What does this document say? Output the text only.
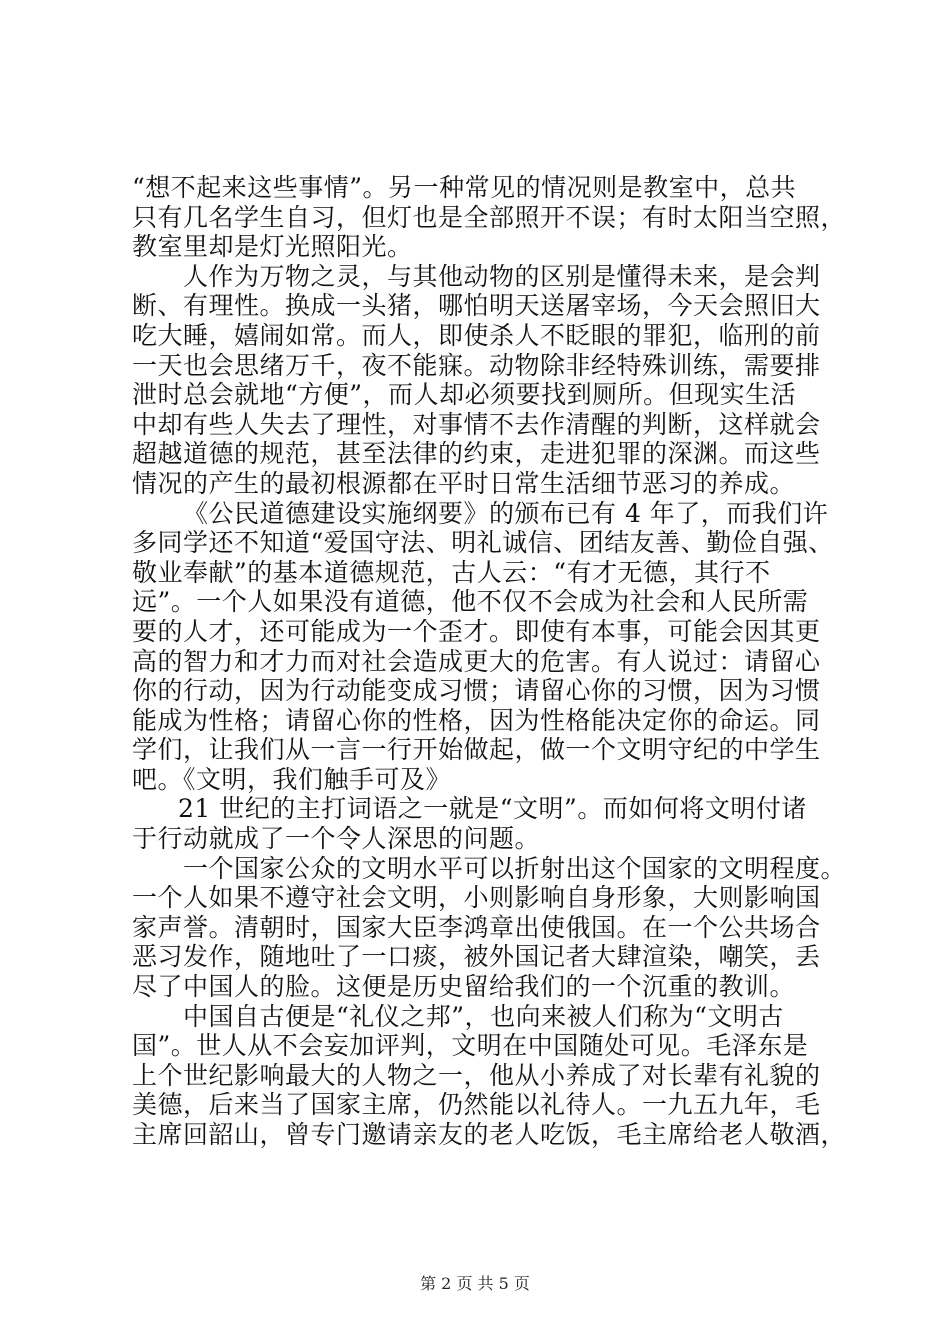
“想不起来这些事情”。另一种常见的情况则是教室中，总共
只有几名学生自习，但灯也是全部照开不误；有时太阳当空照，
教室里却是灯光照阳光。
人作为万物之灵，与其他动物的区别是懂得未来，是会判
断、有理性。换成一头猪，哪怕明天送屠宰场，今天会照旧大
吃大睡，嬉闹如常。而人，即使杀人不眨眼的罪犯，临刑的前
一天也会思绪万千，夜不能寐。动物除非经特殊训练，需要排
泄时总会就地“方便”，而人却必须要找到厕所。但现实生活
中却有些人失去了理性，对事情不去作清醒的判断，这样就会
超越道德的规范，甚至法律的约束，走进犯罪的深渊。而这些
情况的产生的最初根源都在平时日常生活细节恶习的养成。
《公民道德建设实施纲要》的颁布已有 4 年了，而我们许
多同学还不知道“爱国守法、明礼诚信、团结友善、勤俭自强、
敬业奉献”的基本道德规范，古人云：“有才无德，其行不
远”。一个人如果没有道德，他不仅不会成为社会和人民所需
要的人才，还可能成为一个歪才。即使有本事，可能会因其更
高的智力和才力而对社会造成更大的危害。有人说过：请留心
你的行动，因为行动能变成习惯；请留心你的习惯，因为习惯
能成为性格；请留心你的性格，因为性格能决定你的命运。同
学们，让我们从一言一行开始做起，做一个文明守纪的中学生
吧。《文明，我们触手可及》
21 世纪的主打词语之一就是“文明”。而如何将文明付诸
于行动就成了一个令人深思的问题。
一个国家公众的文明水平可以折射出这个国家的文明程度。
一个人如果不遵守社会文明，小则影响自身形象，大则影响国
家声誉。清朝时，国家大臣李鸿章出使俄国。在一个公共场合
恶习发作，随地吐了一口痰，被外国记者大肆渲染，嘲笑，丢
尽了中国人的脸。这便是历史留给我们的一个沉重的教训。
中国自古便是“礼仪之邦”，也向来被人们称为“文明古
国”。世人从不会妄加评判，文明在中国随处可见。毛泽东是
上个世纪影响最大的人物之一，他从小养成了对长辈有礼貌的
美德，后来当了国家主席，仍然能以礼待人。一九五九年，毛
主席回韶山，曾专门邀请亲友的老人吃饭，毛主席给老人敬酒，
第 2 页 共 5 页
